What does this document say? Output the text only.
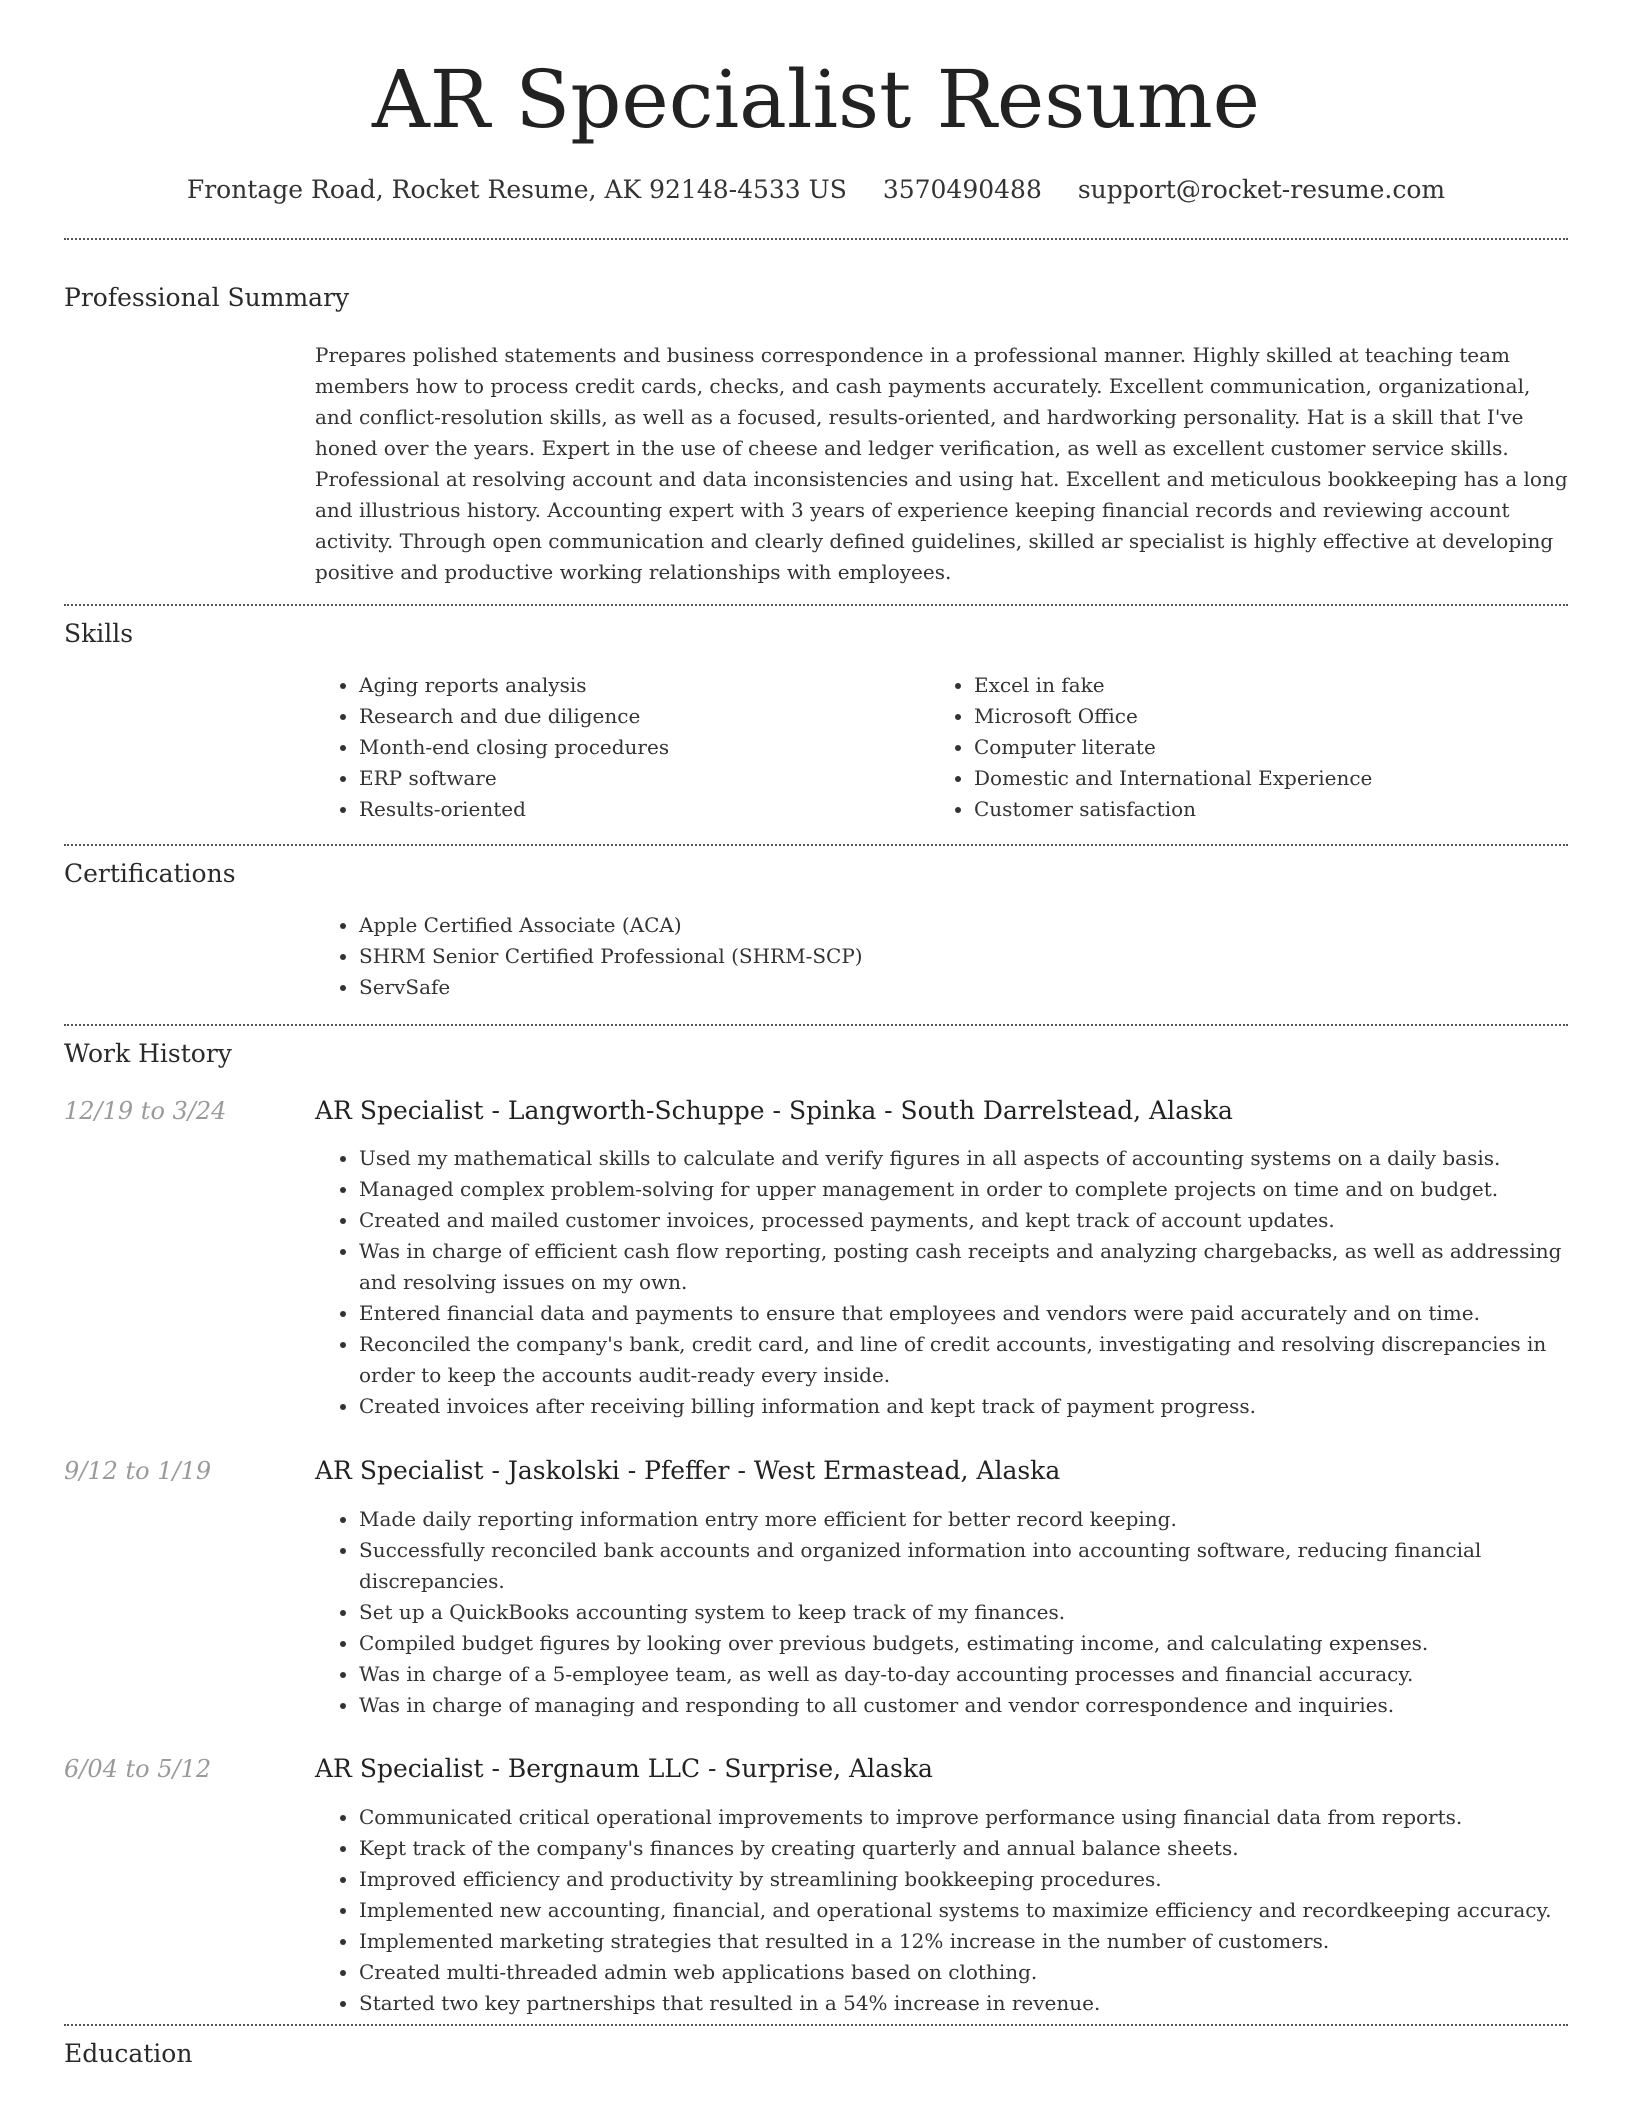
AR Specialist Resume
Frontage Road, Rocket Resume, AK 92148-4533 US 3570490488 support@rocket-resume.com
Professional Summary

Prepares polished statements and business correspondence in a professional manner. Highly skilled at teaching team members how to process credit cards, checks, and cash payments accurately. Excellent communication, organizational, and conflict-resolution skills, as well as a focused, results-oriented, and hardworking personality. Hat is a skill that I've honed over the years. Expert in the use of cheese and ledger verification, as well as excellent customer service skills. Professional at resolving account and data inconsistencies and using hat. Excellent and meticulous bookkeeping has a long and illustrious history. Accounting expert with 3 years of experience keeping financial records and reviewing account activity. Through open communication and clearly defined guidelines, skilled ar specialist is highly effective at developing positive and productive working relationships with employees.

Skills
• Aging reports analysis
• Research and due diligence
• Month-end closing procedures
• ERP software
• Results-oriented
• Excel in fake
• Microsoft Office
• Computer literate
• Domestic and International Experience
• Customer satisfaction
Certifications
• Apple Certified Associate (ACA)
• SHRM Senior Certified Professional (SHRM-SCP)
• ServSafe
Work History
12/19 to 3/24	AR Specialist - Langworth-Schuppe - Spinka - South Darrelstead, Alaska
• Used my mathematical skills to calculate and verify figures in all aspects of accounting systems on a daily basis.
• Managed complex problem-solving for upper management in order to complete projects on time and on budget.
• Created and mailed customer invoices, processed payments, and kept track of account updates.
• Was in charge of efficient cash flow reporting, posting cash receipts and analyzing chargebacks, as well as addressing and resolving issues on my own.
• Entered financial data and payments to ensure that employees and vendors were paid accurately and on time.
• Reconciled the company's bank, credit card, and line of credit accounts, investigating and resolving discrepancies in order to keep the accounts audit-ready every inside.
• Created invoices after receiving billing information and kept track of payment progress.
9/12 to 1/19	AR Specialist - Jaskolski - Pfeffer - West Ermastead, Alaska
• Made daily reporting information entry more efficient for better record keeping.
• Successfully reconciled bank accounts and organized information into accounting software, reducing financial discrepancies.
• Set up a QuickBooks accounting system to keep track of my finances.
• Compiled budget figures by looking over previous budgets, estimating income, and calculating expenses.
• Was in charge of a 5-employee team, as well as day-to-day accounting processes and financial accuracy.
• Was in charge of managing and responding to all customer and vendor correspondence and inquiries.
6/04 to 5/12	AR Specialist - Bergnaum LLC - Surprise, Alaska
• Communicated critical operational improvements to improve performance using financial data from reports.
• Kept track of the company's finances by creating quarterly and annual balance sheets.
• Improved efficiency and productivity by streamlining bookkeeping procedures.
• Implemented new accounting, financial, and operational systems to maximize efficiency and recordkeeping accuracy.
• Implemented marketing strategies that resulted in a 12% increase in the number of customers.
• Created multi-threaded admin web applications based on clothing.
• Started two key partnerships that resulted in a 54% increase in revenue.
Education
